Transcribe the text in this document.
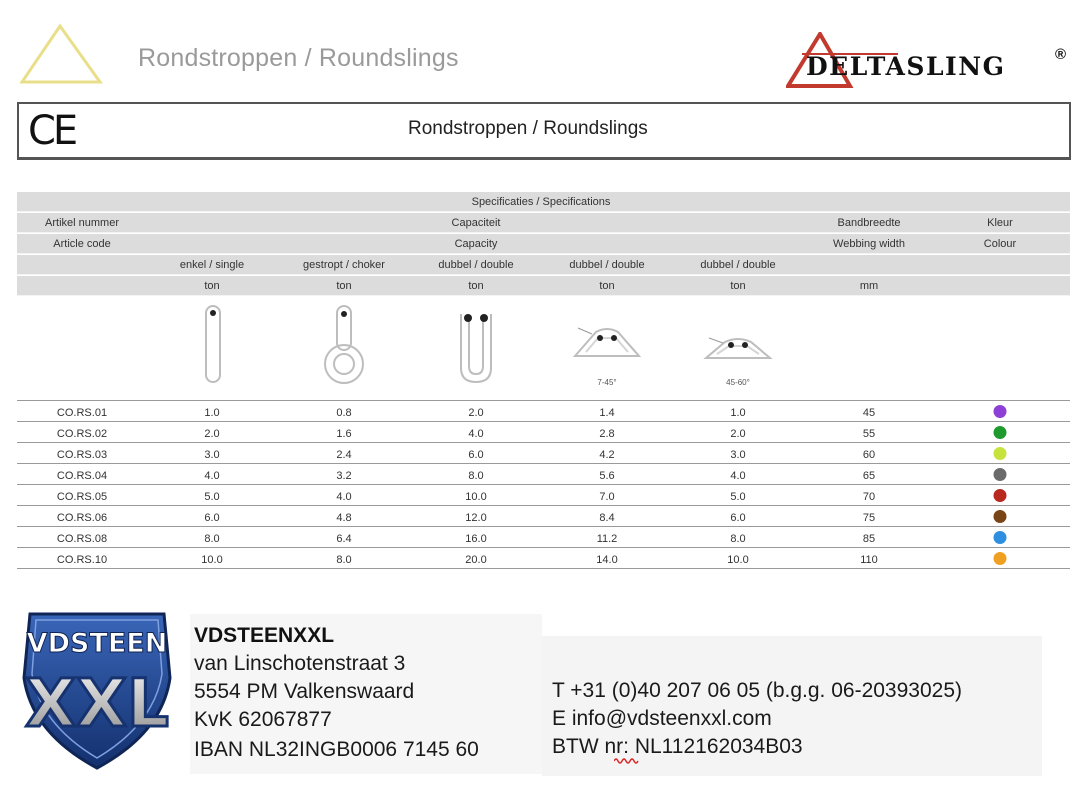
Rondstroppen / Roundslings	DELTASLING	®
CE	Rondstroppen / Roundslings
Specificaties / Specifications
Artikel nummer	Capaciteit	Bandbreedte	Kleur
Article code	Capacity	Webbing width	Colour
enkel / single	gestropt / choker	dubbel / double	dubbel / double	dubbel / double
ton	ton	ton	ton	ton	mm
7-45°	45-60°
CO.RS.01	1.0	0.8	2.0	1.4	1.0	45
CO.RS.02	2.0	1.6	4.0	2.8	2.0	55
CO.RS.03	3.0	2.4	6.0	4.2	3.0	60
CO.RS.04	4.0	3.2	8.0	5.6	4.0	65
CO.RS.05	5.0	4.0	10.0	7.0	5.0	70
CO.RS.06	6.0	4.8	12.0	8.4	6.0	75
CO.RS.08	8.0	6.4	16.0	11.2	8.0	85
CO.RS.10	10.0	8.0	20.0	14.0	10.0	110
VDSTEEN
XXL
VDSTEENXXL
van Linschotenstraat 3
5554 PM Valkenswaard
KvK 62067877
IBAN NL32INGB0006 7145 60
T +31 (0)40 207 06 05 (b.g.g. 06-20393025)
E info@vdsteenxxl.com
BTW nr: NL112162034B03
